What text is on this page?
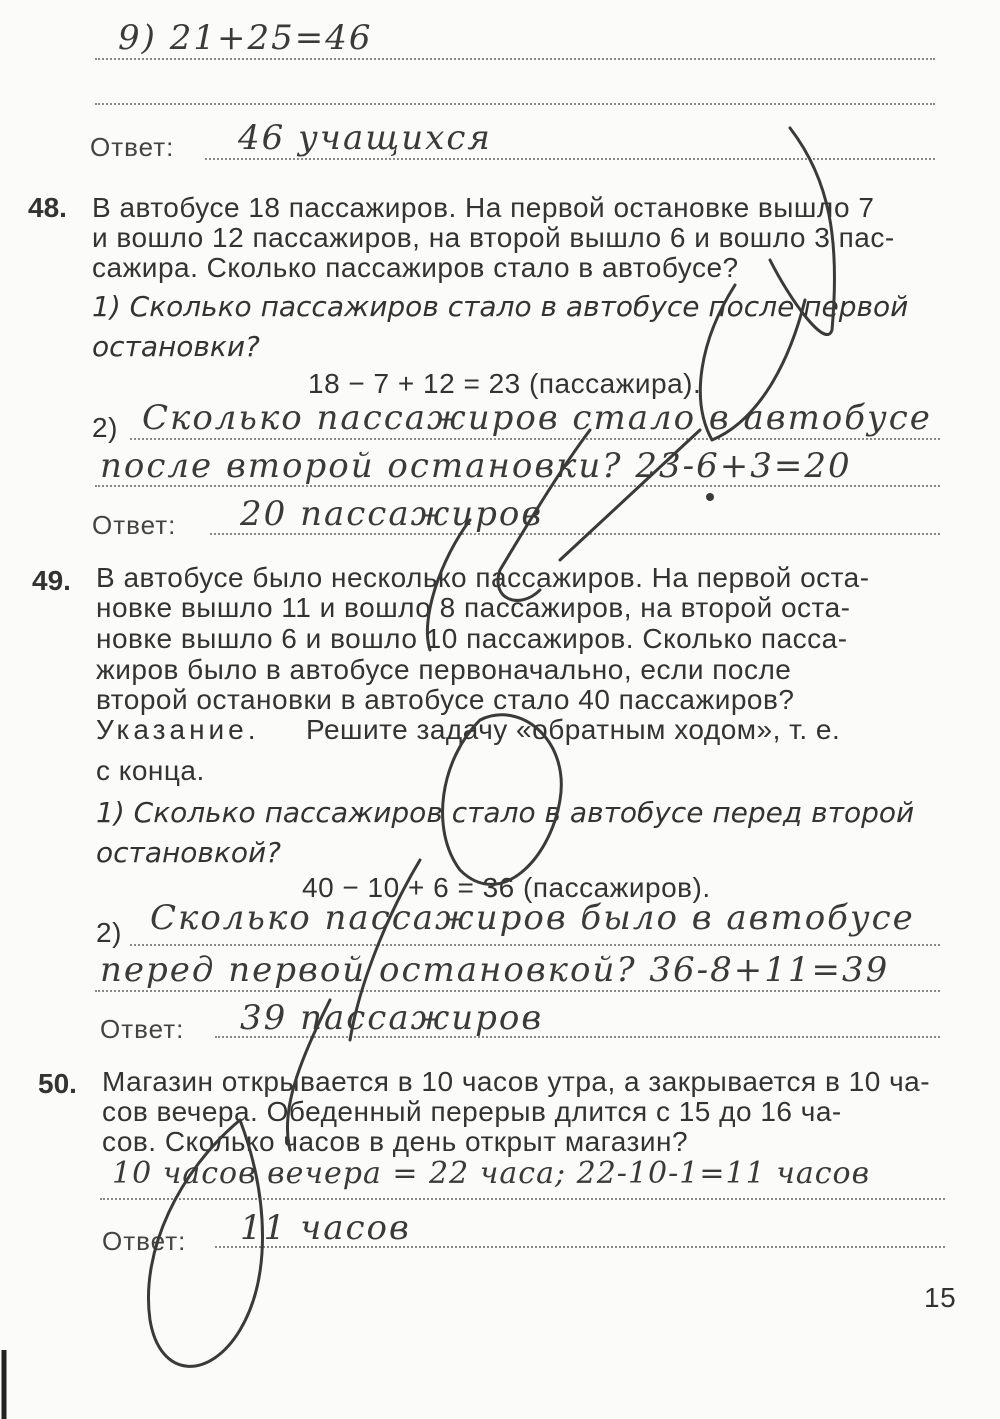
9) 21+25=46
Ответ: 46 учащихся
48. В автобусе 18 пассажиров. На первой остановке вышло 7
и вошло 12 пассажиров, на второй вышло 6 и вошло 3 пас-
сажира. Сколько пассажиров стало в автобусе?
1) Сколько пассажиров стало в автобусе после первой
остановки?
18 − 7 + 12 = 23 (пассажира).
2) Сколько пассажиров стало в автобусе
после второй остановки? 23-6+3=20
Ответ: 20 пассажиров
49. В автобусе было несколько пассажиров. На первой оста-
новке вышло 11 и вошло 8 пассажиров, на второй оста-
новке вышло 6 и вошло 10 пассажиров. Сколько пасса-
жиров было в автобусе первоначально, если после
второй остановки в автобусе стало 40 пассажиров?
Указание. Решите задачу «обратным ходом», т. е.
с конца.
1) Сколько пассажиров стало в автобусе перед второй
остановкой?
40 − 10 + 6 = 36 (пассажиров).
2) Сколько пассажиров было в автобусе
перед первой остановкой? 36-8+11=39
Ответ: 39 пассажиров
50. Магазин открывается в 10 часов утра, а закрывается в 10 ча-
сов вечера. Обеденный перерыв длится с 15 до 16 ча-
сов. Сколько часов в день открыт магазин?
10 часов вечера = 22 часа; 22-10-1=11 часов
Ответ: 11 часов
15
